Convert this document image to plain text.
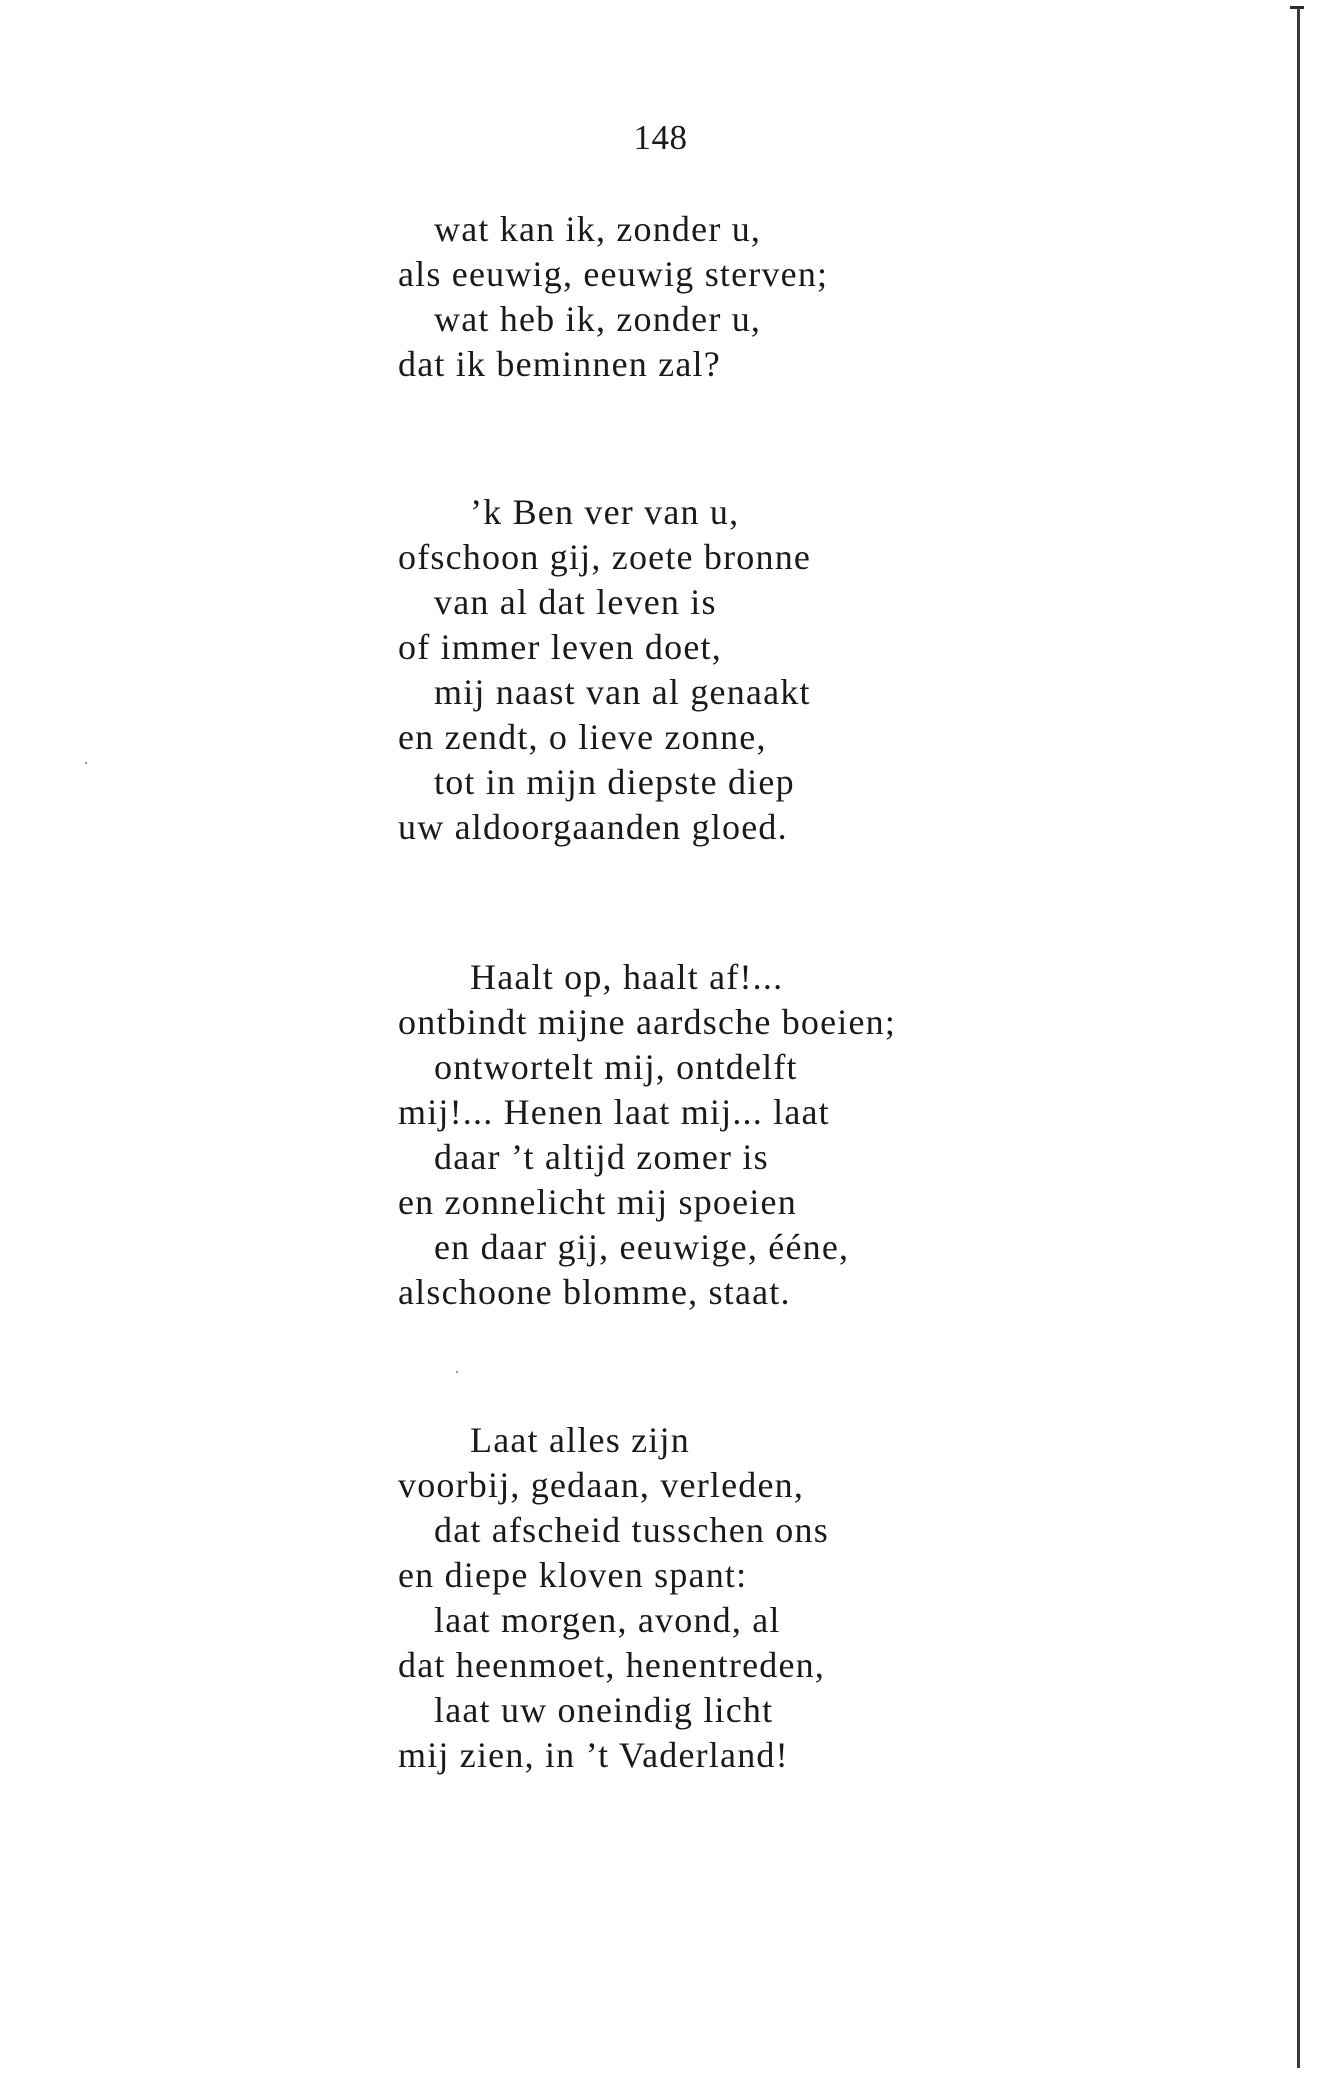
148
wat kan ik, zonder u,
als eeuwig, eeuwig sterven;
wat heb ik, zonder u,
dat ik beminnen zal?
’k Ben ver van u,
ofschoon gij, zoete bronne
van al dat leven is
of immer leven doet,
mij naast van al genaakt
en zendt, o lieve zonne,
tot in mijn diepste diep
uw aldoorgaanden gloed.
Haalt op, haalt af!...
ontbindt mijne aardsche boeien;
ontwortelt mij, ontdelft
mij!... Henen laat mij... laat
daar ’t altijd zomer is
en zonnelicht mij spoeien
en daar gij, eeuwige, ééne,
alschoone blomme, staat.
Laat alles zijn
voorbij, gedaan, verleden,
dat afscheid tusschen ons
en diepe kloven spant:
laat morgen, avond, al
dat heenmoet, henentreden,
laat uw oneindig licht
mij zien, in ’t Vaderland!
